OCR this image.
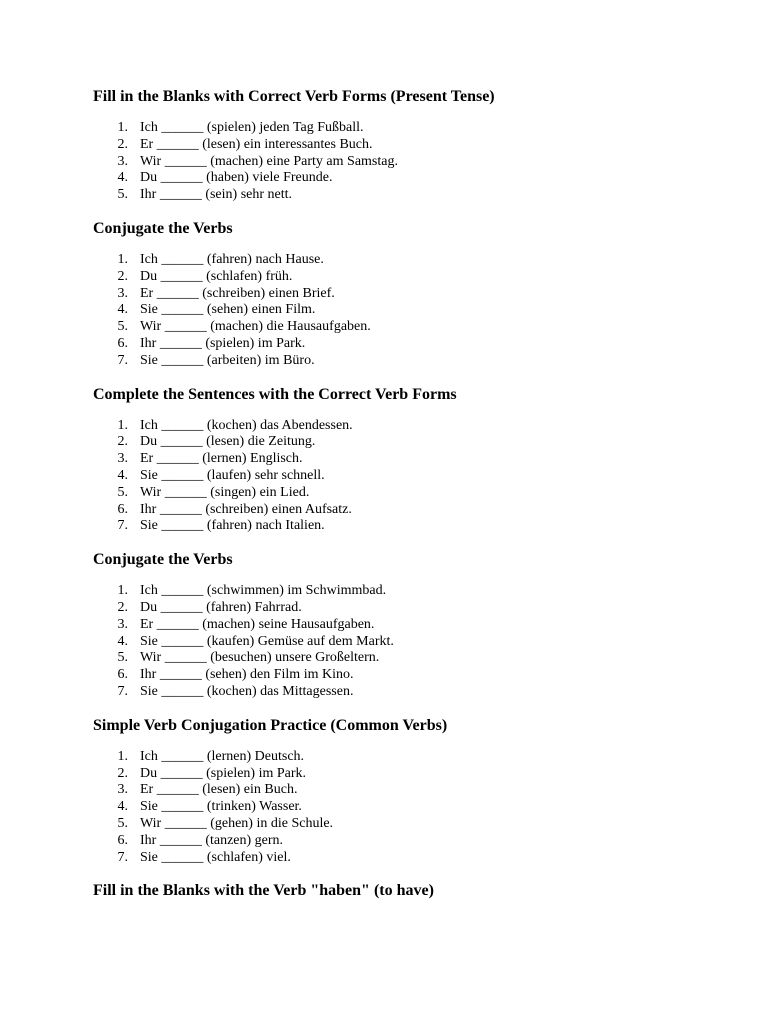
Fill in the Blanks with Correct Verb Forms (Present Tense)
1. Ich ______ (spielen) jeden Tag Fußball.
2. Er ______ (lesen) ein interessantes Buch.
3. Wir ______ (machen) eine Party am Samstag.
4. Du ______ (haben) viele Freunde.
5. Ihr ______ (sein) sehr nett.
Conjugate the Verbs
1. Ich ______ (fahren) nach Hause.
2. Du ______ (schlafen) früh.
3. Er ______ (schreiben) einen Brief.
4. Sie ______ (sehen) einen Film.
5. Wir ______ (machen) die Hausaufgaben.
6. Ihr ______ (spielen) im Park.
7. Sie ______ (arbeiten) im Büro.
Complete the Sentences with the Correct Verb Forms
1. Ich ______ (kochen) das Abendessen.
2. Du ______ (lesen) die Zeitung.
3. Er ______ (lernen) Englisch.
4. Sie ______ (laufen) sehr schnell.
5. Wir ______ (singen) ein Lied.
6. Ihr ______ (schreiben) einen Aufsatz.
7. Sie ______ (fahren) nach Italien.
Conjugate the Verbs
1. Ich ______ (schwimmen) im Schwimmbad.
2. Du ______ (fahren) Fahrrad.
3. Er ______ (machen) seine Hausaufgaben.
4. Sie ______ (kaufen) Gemüse auf dem Markt.
5. Wir ______ (besuchen) unsere Großeltern.
6. Ihr ______ (sehen) den Film im Kino.
7. Sie ______ (kochen) das Mittagessen.
Simple Verb Conjugation Practice (Common Verbs)
1. Ich ______ (lernen) Deutsch.
2. Du ______ (spielen) im Park.
3. Er ______ (lesen) ein Buch.
4. Sie ______ (trinken) Wasser.
5. Wir ______ (gehen) in die Schule.
6. Ihr ______ (tanzen) gern.
7. Sie ______ (schlafen) viel.
Fill in the Blanks with the Verb "haben" (to have)
